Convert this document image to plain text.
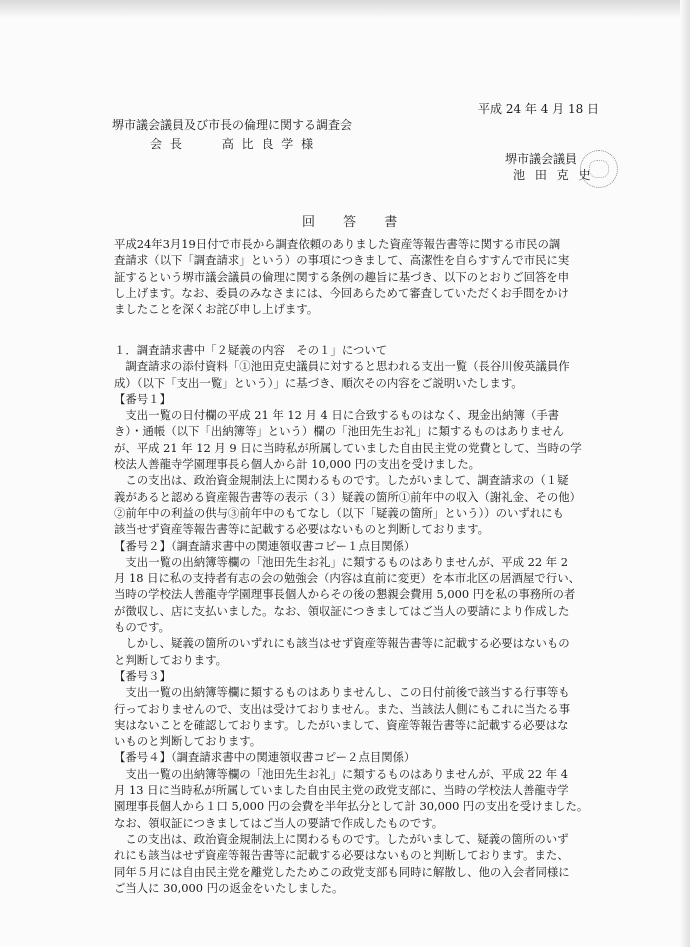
平成 24 年 4 月 18 日
堺市議会議員及び市長の倫理に関する調査会
会 長	高 比 良 学 様
堺市議会議員
池 田 克 史
回 答 書

平成24年3月19日付で市長から調査依頼のありました資産等報告書等に関する市民の調

査請求（以下「調査請求」という）の事項につきまして、高潔性を自らすすんで市民に実

証するという堺市議会議員の倫理に関する条例の趣旨に基づき、以下のとおりご回答を申

し上げます。なお、委員のみなさまには、今回あらためて審査していただくお手間をかけ

ましたことを深くお詫び申し上げます。

１．調査請求書中「２疑義の内容　その１」について

　調査請求の添付資料「①池田克史議員に対すると思われる支出一覧（長谷川俊英議員作

成）（以下「支出一覧」という）」に基づき、順次その内容をご説明いたします。

【番号１】

　支出一覧の日付欄の平成 21 年 12 月 4 日に合致するものはなく、現金出納簿（手書

き）・通帳（以下「出納簿等」という）欄の「池田先生お礼」に類するものはありません

が、平成 21 年 12 月 9 日に当時私が所属していました自由民主党の党費として、当時の学

校法人善龍寺学園理事長ら個人から計 10,000 円の支出を受けました。

　この支出は、政治資金規制法上に関わるものです。したがいまして、調査請求の（１疑

義があると認める資産報告書等の表示（３）疑義の箇所①前年中の収入（謝礼金、その他）

②前年中の利益の供与③前年中のもてなし（以下「疑義の箇所」という））のいずれにも

該当せず資産等報告書等に記載する必要はないものと判断しております。

【番号２】（調査請求書中の関連領収書コピー１点目関係）

　支出一覧の出納簿等欄の「池田先生お礼」に類するものはありませんが、平成 22 年 2

月 18 日に私の支持者有志の会の勉強会（内容は直前に変更）を本市北区の居酒屋で行い、

当時の学校法人善龍寺学園理事長個人からその後の懇親会費用 5,000 円を私の事務所の者

が徴収し、店に支払いました。なお、領収証につきましてはご当人の要請により作成した

ものです。

　しかし、疑義の箇所のいずれにも該当はせず資産等報告書等に記載する必要はないもの

と判断しております。

【番号３】

　支出一覧の出納簿等欄に類するものはありませんし、この日付前後で該当する行事等も

行っておりませんので、支出は受けておりません。また、当該法人側にもこれに当たる事

実はないことを確認しております。したがいまして、資産等報告書等に記載する必要はな

いものと判断しております。

【番号４】（調査請求書中の関連領収書コピー２点目関係）

　支出一覧の出納簿等欄の「池田先生お礼」に類するものはありませんが、平成 22 年 4

月 13 日に当時私が所属していました自由民主党の政党支部に、当時の学校法人善龍寺学

園理事長個人から１口 5,000 円の会費を半年払分として計 30,000 円の支出を受けました。

なお、領収証につきましてはご当人の要請で作成したものです。

　この支出は、政治資金規制法上に関わるものです。したがいまして、疑義の箇所のいず

れにも該当はせず資産等報告書等に記載する必要はないものと判断しております。また、

同年５月には自由民主党を離党したためこの政党支部も同時に解散し、他の入会者同様に

ご当人に 30,000 円の返金をいたしました。
